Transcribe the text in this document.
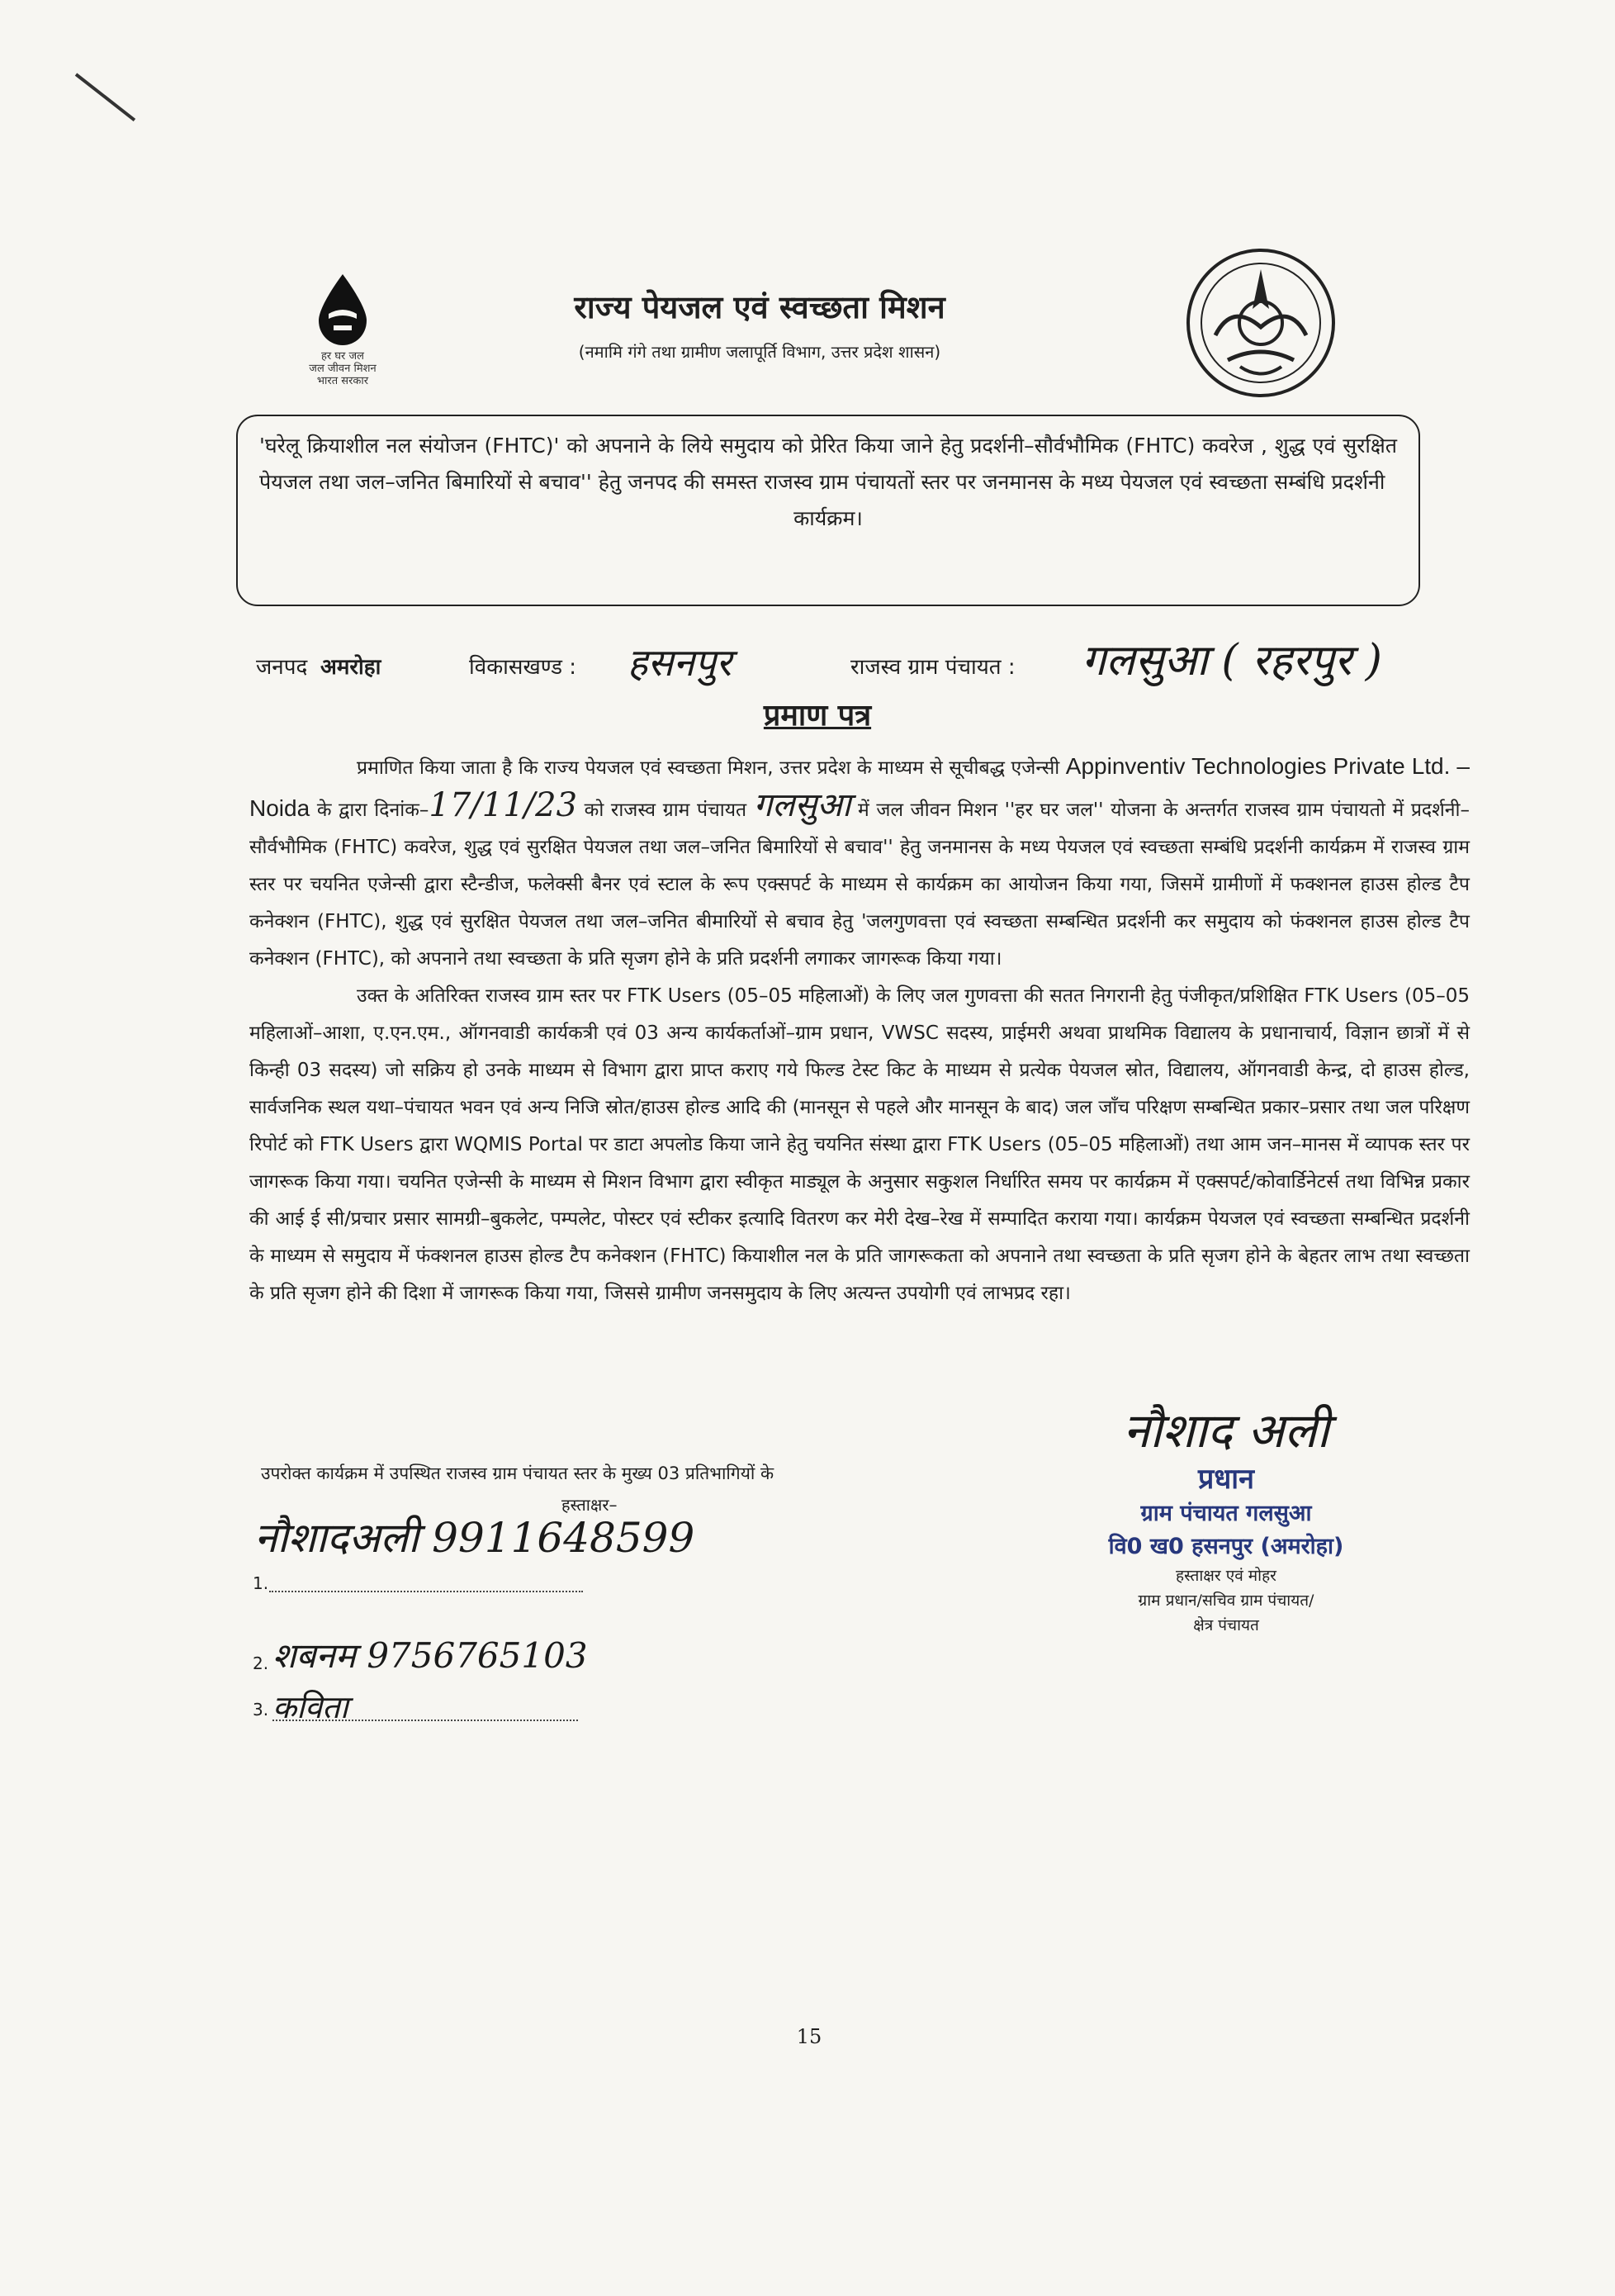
हर घर जल
जल जीवन मिशन
भारत सरकार
राज्य पेयजल एवं स्वच्छता मिशन
(नमामि गंगे तथा ग्रामीण जलापूर्ति विभाग, उत्तर प्रदेश शासन)
'घरेलू क्रियाशील नल संयोजन (FHTC)' को अपनाने के लिये समुदाय को प्रेरित किया जाने हेतु प्रदर्शनी–सौर्वभौमिक (FHTC) कवरेज , शुद्ध एवं सुरक्षित पेयजल तथा जल–जनित बिमारियों से बचाव'' हेतु जनपद की समस्त राजस्व ग्राम पंचायतों स्तर पर जनमानस के मध्य पेयजल एवं स्वच्छता सम्बंधि प्रदर्शनी
कार्यक्रम।
जनपद अमरोहा	विकासखण्ड : हसनपुर	राजस्व ग्राम पंचायत : गलसुआ ( रहरपुर )
प्रमाण पत्र

प्रमाणित किया जाता है कि राज्य पेयजल एवं स्वच्छता मिशन, उत्तर प्रदेश के माध्यम से सूचीबद्ध एजेन्सी Appinventiv Technologies Private Ltd. – Noida के द्वारा दिनांक–17/11/23 को राजस्व ग्राम पंचायत गलसुआ में जल जीवन मिशन ''हर घर जल'' योजना के अन्तर्गत राजस्व ग्राम पंचायतो में प्रदर्शनी–सौर्वभौमिक (FHTC) कवरेज, शुद्ध एवं सुरक्षित पेयजल तथा जल–जनित बिमारियों से बचाव'' हेतु जनमानस के मध्य पेयजल एवं स्वच्छता सम्बंधि प्रदर्शनी कार्यक्रम में राजस्व ग्राम स्तर पर चयनित एजेन्सी द्वारा स्टैन्डीज, फलेक्सी बैनर एवं स्टाल के रूप एक्सपर्ट के माध्यम से कार्यक्रम का आयोजन किया गया, जिसमें ग्रामीणों में फक्शनल हाउस होल्ड टैप कनेक्शन (FHTC), शुद्ध एवं सुरक्षित पेयजल तथा जल–जनित बीमारियों से बचाव हेतु 'जलगुणवत्ता एवं स्वच्छता सम्बन्धित प्रदर्शनी कर समुदाय को फंक्शनल हाउस होल्ड टैप कनेक्शन (FHTC), को अपनाने तथा स्वच्छता के प्रति सृजग होने के प्रति प्रदर्शनी लगाकर जागरूक किया गया।

उक्त के अतिरिक्त राजस्व ग्राम स्तर पर FTK Users (05–05 महिलाओं) के लिए जल गुणवत्ता की सतत निगरानी हेतु पंजीकृत/प्रशिक्षित FTK Users (05–05 महिलाओं–आशा, ए.एन.एम., ऑगनवाडी कार्यकत्री एवं 03 अन्य कार्यकर्ताओं–ग्राम प्रधान, VWSC सदस्य, प्राईमरी अथवा प्राथमिक विद्यालय के प्रधानाचार्य, विज्ञान छात्रों में से किन्ही 03 सदस्य) जो सक्रिय हो उनके माध्यम से विभाग द्वारा प्राप्त कराए गये फिल्ड टेस्ट किट के माध्यम से प्रत्येक पेयजल स्रोत, विद्यालय, ऑगनवाडी केन्द्र, दो हाउस होल्ड, सार्वजनिक स्थल यथा–पंचायत भवन एवं अन्य निजि स्रोत/हाउस होल्ड आदि की (मानसून से पहले और मानसून के बाद) जल जाँच परिक्षण सम्बन्धित प्रकार–प्रसार तथा जल परिक्षण रिपोर्ट को FTK Users द्वारा WQMIS Portal पर डाटा अपलोड किया जाने हेतु चयनित संस्था द्वारा FTK Users (05–05 महिलाओं) तथा आम जन–मानस में व्यापक स्तर पर जागरूक किया गया। चयनित एजेन्सी के माध्यम से मिशन विभाग द्वारा स्वीकृत माड्यूल के अनुसार सकुशल निर्धारित समय पर कार्यक्रम में एक्सपर्ट/कोवार्डिनेटर्स तथा विभिन्न प्रकार की आई ई सी/प्रचार प्रसार सामग्री–बुकलेट, पम्पलेट, पोस्टर एवं स्टीकर इत्यादि वितरण कर मेरी देख–रेख में सम्पादित कराया गया। कार्यक्रम पेयजल एवं स्वच्छता सम्बन्धित प्रदर्शनी के माध्यम से समुदाय में फंक्शनल हाउस होल्ड टैप कनेक्शन (FHTC) कियाशील नल के प्रति जागरूकता को अपनाने तथा स्वच्छता के प्रति सृजग होने के बेहतर लाभ तथा स्वच्छता के प्रति सृजग होने की दिशा में जागरूक किया गया, जिससे ग्रामीण जनसमुदाय के लिए अत्यन्त उपयोगी एवं लाभप्रद रहा।

उपरोक्त कार्यक्रम में उपस्थित राजस्व ग्राम पंचायत स्तर के मुख्य 03 प्रतिभागियों के
हस्ताक्षर–
नौशादअली 9911648599
1.
2. शबनम 9756765103
3. कविता
नौशाद अली
प्रधान
ग्राम पंचायत गलसुआ
वि0 ख0 हसनपुर (अमरोहा)
हस्ताक्षर एवं मोहर
ग्राम प्रधान/सचिव ग्राम पंचायत/
क्षेत्र पंचायत
15
